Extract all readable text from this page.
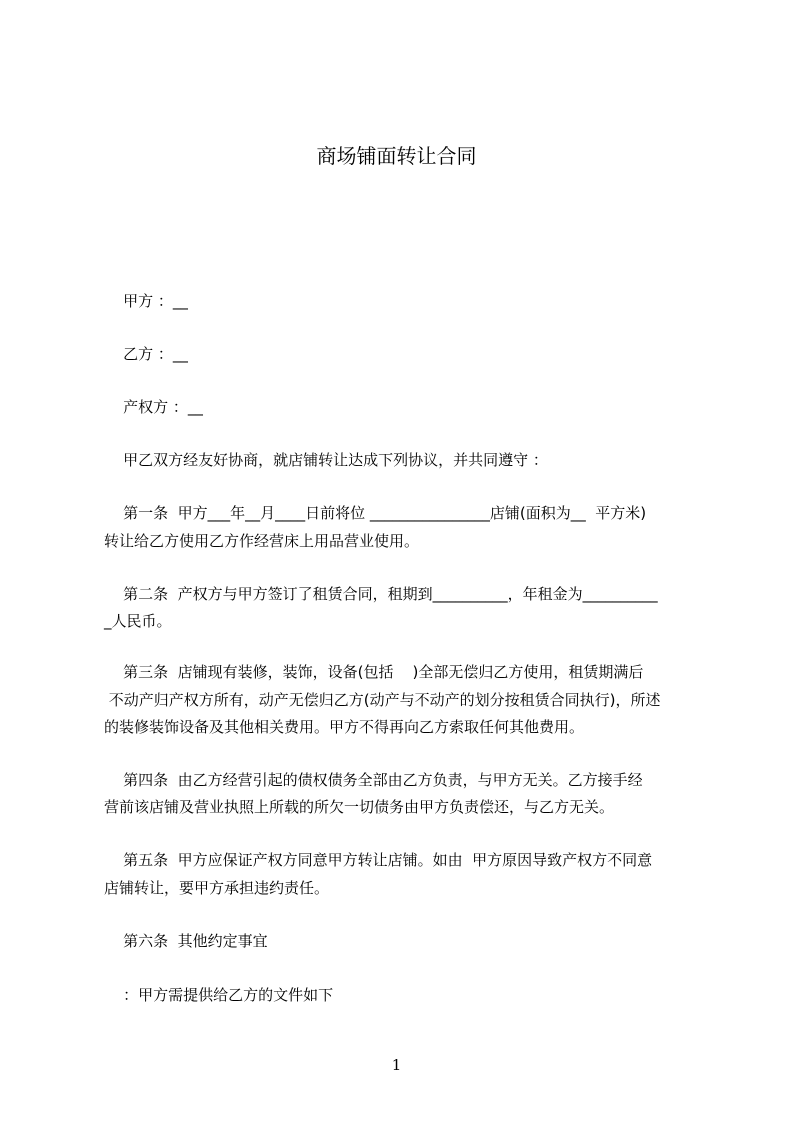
商场铺面转让合同
甲方 ：__
乙方 ：__
产权方 ：__
甲乙双方经友好协商，就店铺转让达成下列协议，并共同遵守 ：
第一条  甲方___年__月____日前将位 ________________店铺(面积为__  平方米)
转让给乙方使用乙方作经营床上用品营业使用。
第二条  产权方与甲方签订了租赁合同，租期到__________，年租金为__________
_人民币。
第三条  店铺现有装修，装饰，设备(包括    )全部无偿归乙方使用，租赁期满后
不动产归产权方所有，动产无偿归乙方(动产与不动产的划分按租赁合同执行)，所述
的装修装饰设备及其他相关费用。甲方不得再向乙方索取任何其他费用。
第四条  由乙方经营引起的债权债务全部由乙方负责，与甲方无关。乙方接手经
营前该店铺及营业执照上所载的所欠一切债务由甲方负责偿还，与乙方无关。
第五条  甲方应保证产权方同意甲方转让店铺。如由  甲方原因导致产权方不同意
店铺转让，要甲方承担违约责任。
第六条  其他约定事宜
：甲方需提供给乙方的文件如下
1
